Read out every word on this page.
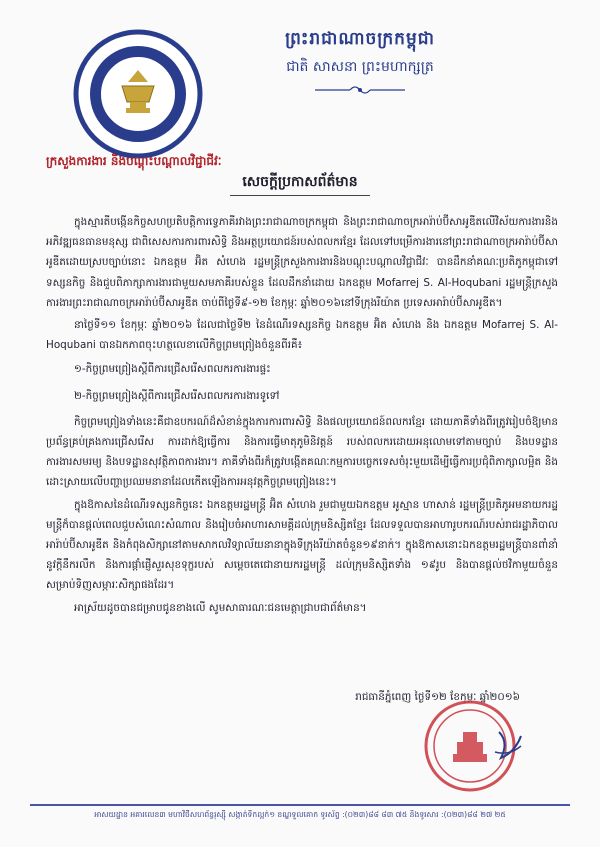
ព្រះរាជាណាចក្រកម្ពុជា
ជាតិ សាសនា ព្រះមហាក្សត្រ
ក្រសួងការងារ និងបណ្តុះបណ្តាលវិជ្ជាជីវៈ
សេចក្តីប្រកាសព័ត៌មាន

ក្នុងស្មារតីបង្កើនកិច្ចសហប្រតិបត្តិការទ្វេភាគីរវាងព្រះរាជាណាចក្រកម្ពុជា និងព្រះរាជាណាចក្រអារ៉ាប់ប៊ីសាអូឌីតលើវិស័យការងារនិងអភិវឌ្ឍធនធានមនុស្ស ជាពិសេសការការពារសិទ្ធិ និងអត្ថប្រយោជន៍របស់ពលករខ្មែរ ដែលទៅបម្រើការងារនៅព្រះរាជាណាចក្រអារ៉ាប់ប៊ីសាអូឌីតដោយស្របច្បាប់នោះ ឯកឧត្តម អ៊ិត សំហេង រដ្ឋមន្ត្រីក្រសួងការងារនិងបណ្តុះបណ្តាលវិជ្ជាជីវៈ បានដឹកនាំគណៈប្រតិភូកម្ពុជាទៅទស្សនកិច្ច និងជួបពិភាក្សាការងារជាមួយសមភាគីរបស់ខ្លួន ដែលដឹកនាំដោយ ឯកឧត្តម Mofarrej S. Al-Hoqubani រដ្ឋមន្ត្រីក្រសួងការងារព្រះរាជាណាចក្រអារ៉ាប់ប៊ីសាអូឌីត ចាប់ពីថ្ងៃទី៩-១២ ខែកុម្ភៈ ឆ្នាំ២០១៦នៅទីក្រុងរីយ៉ាត ប្រទេសអារ៉ាប់ប៊ីសាអូឌីត។

នាថ្ងៃទី១១ ខែកុម្ភៈ ឆ្នាំ២០១៦ ដែលជាថ្ងៃទី២ នៃដំណើរទស្សនកិច្ច ឯកឧត្តម អ៊ិត សំហេង និង ឯកឧត្តម Mofarrej S. Al-Hoqubani បានឯកភាពចុះហត្ថលេខាលើកិច្ចព្រមព្រៀងចំនួនពីរគឺ៖

១-កិច្ចព្រមព្រៀងស្តីពីការជ្រើសរើសពលករការងារផ្ទះ

២-កិច្ចព្រមព្រៀងស្តីពីការជ្រើសរើសពលករការងារទូទៅ

កិច្ចព្រមព្រៀងទាំងនេះគឺជាឧបករណ៍ដ៏សំខាន់ក្នុងការការពារសិទ្ធិ និងផលប្រយោជន៍ពលករខ្មែរ ដោយភាគីទាំងពីរត្រូវរៀបចំឱ្យមានប្រព័ន្ធគ្រប់គ្រងការជ្រើសរើស ការដាក់ឱ្យធ្វើការ និងការធ្វើមាតុភូមិនិវត្តន៍ របស់ពលករដោយអនុលោមទៅតាមច្បាប់ និងបទដ្ឋានការងារសមរម្យ និងបទដ្ឋានសុវត្ថិភាពការងារ។ ភាគីទាំងពីរក៏ត្រូវបង្កើតគណៈកម្មការបច្ចេកទេសចំរុះមួយដើម្បីធ្វើការប្រជុំពិភាក្សាលម្អិត និងដោះស្រាយលើបញ្ហាប្រឈមនានាដែលកើតឡើងការអនុវត្តកិច្ចព្រមព្រៀងនេះ។

ក្នុងឱកាសនៃដំណើរទស្សនកិច្ចនេះ ឯកឧត្តមរដ្ឋមន្ត្រី អ៊ិត សំហេង រួមជាមួយឯកឧត្តម អូស្មាន ហាសាន់ រដ្ឋមន្ត្រីប្រតិភូអមនាយករដ្ឋមន្ត្រីក៏បានផ្តល់ពេលជួបសំណេះសំណាល និងរៀបចំអាហារសាមគ្គីដល់ក្រុមនិស្សិតខ្មែរ ដែលទទួលបានអាហារូបករណ៍របស់រាជរដ្ឋាភិបាលអារ៉ាប់ប៊ីសាអូឌីត និងកំពុងសិក្សានៅតាមសាកលវិទ្យាល័យនានាក្នុងទីក្រុងរីយ៉ាតចំនួន១៩នាក់។ ក្នុងឱកាសនោះឯកឧត្តមរដ្ឋមន្ត្រីបានពាំនាំនូវក្តីនឹករលឹក និងការផ្តាំផ្ញើសួរសុខទុក្ខរបស់ សម្តេចតេជោនាយករដ្ឋមន្ត្រី ដល់ក្រុមនិស្សិតទាំង ១៩រូប និងបានផ្តល់ថវិកាមួយចំនួនសម្រាប់ទិញសម្ភារៈសិក្សាផងដែរ។

អាស្រ័យដូចបានជម្រាបជូនខាងលើ សូមសាធារណៈជនមេត្តាជ្រាបជាព័ត៌មាន។

រាជធានីភ្នំពេញ ថ្ងៃទី១២ ខែកុម្ភៈ ឆ្នាំ២០១៦
អាសយដ្ឋាន អគារលេខ៣ មហាវិថីសហព័ន្ធរុស្ស៊ី សង្កាត់ទឹកល្អក់១ ខណ្ឌទួលគោក ទូរស័ព្ទ :(០២៣)៨៨ ៨៣ ៧៥ និងទូរសារ :(០២៣)៨៨ ២៧ ២៥
